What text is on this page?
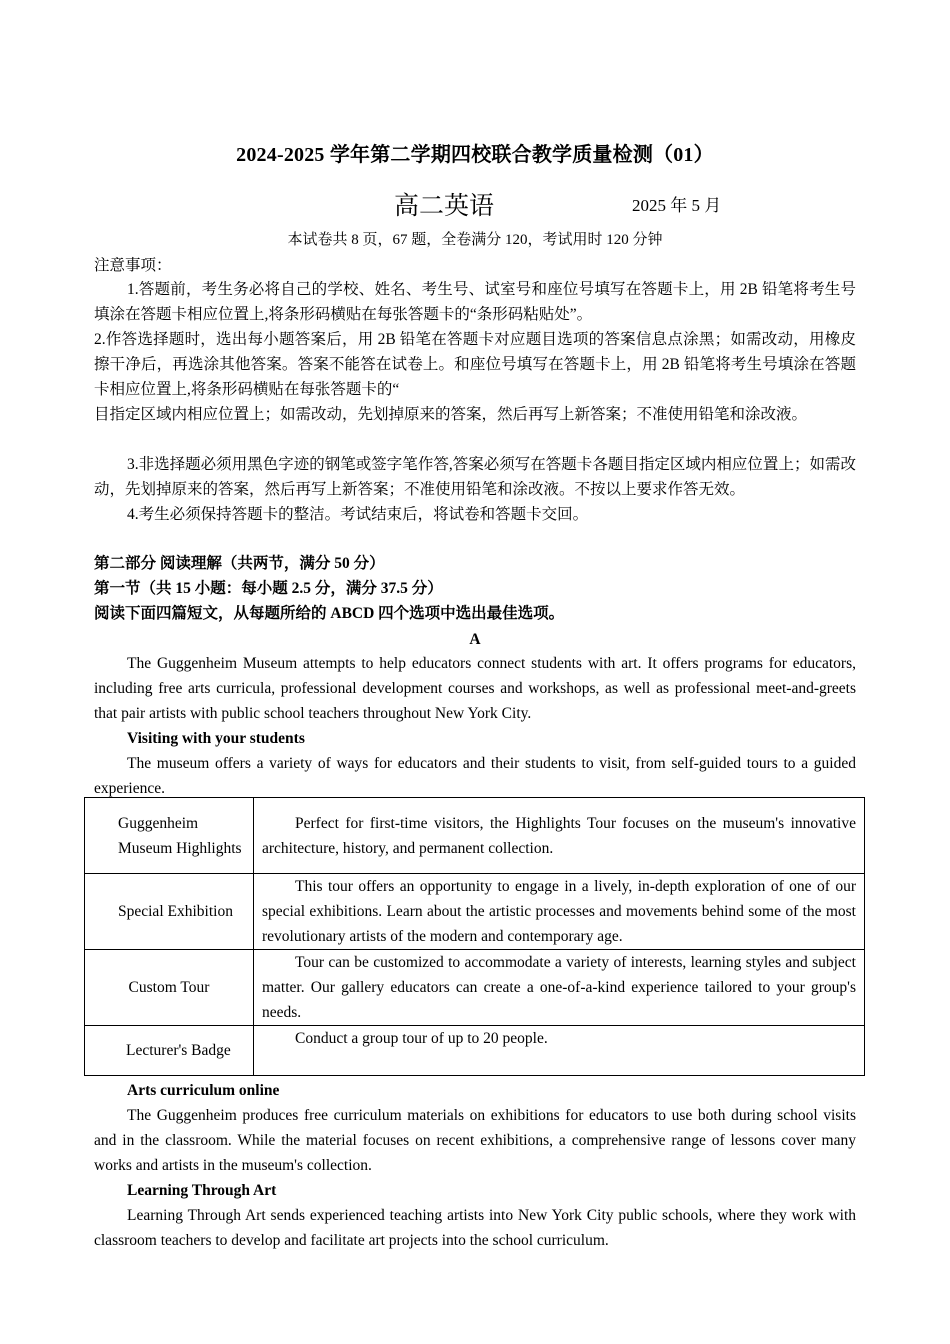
2024-2025 学年第二学期四校联合教学质量检测（01）
高二英语	2025 年 5 月
本试卷共 8 页，67 题，全卷满分 120，考试用时 120 分钟
注意事项：
1.答题前，考生务必将自己的学校、姓名、考生号、试室号和座位号填写在答题卡上，用 2B 铅笔将考生号填涂在答题卡相应位置上,将条形码横贴在每张答题卡的“条形码粘贴处”。
2.作答选择题时，选出每小题答案后，用 2B 铅笔在答题卡对应题目选项的答案信息点涂黑；如需改动，用橡皮擦干净后，再选涂其他答案。答案不能答在试卷上。和座位号填写在答题卡上，用 2B 铅笔将考生号填涂在答题卡相应位置上,将条形码横贴在每张答题卡的“
目指定区域内相应位置上；如需改动，先划掉原来的答案，然后再写上新答案；不准使用铅笔和涂改液。
3.非选择题必须用黑色字迹的钢笔或签字笔作答,答案必须写在答题卡各题目指定区域内相应位置上；如需改动，先划掉原来的答案，然后再写上新答案；不准使用铅笔和涂改液。不按以上要求作答无效。
4.考生必须保持答题卡的整洁。考试结束后，将试卷和答题卡交回。
第二部分 阅读理解（共两节，满分 50 分）
第一节（共 15 小题：每小题 2.5 分，满分 37.5 分）
阅读下面四篇短文，从每题所给的 ABCD 四个选项中选出最佳选项。
A
The Guggenheim Museum attempts to help educators connect students with art. It offers programs for educators, including free arts curricula, professional development courses and workshops, as well as professional meet-and-greets that pair artists with public school teachers throughout New York City.
Visiting with your students
The museum offers a variety of ways for educators and their students to visit, from self-guided tours to a guided experience.
Guggenheim Museum Highlights	Perfect for first-time visitors, the Highlights Tour focuses on the museum's innovative architecture, history, and permanent collection.

Special Exhibition	This tour offers an opportunity to engage in a lively, in-depth exploration of one of our special exhibitions. Learn about the artistic processes and movements behind some of the most revolutionary artists of the modern and contemporary age.

Custom Tour	Tour can be customized to accommodate a variety of interests, learning styles and subject matter. Our gallery educators can create a one-of-a-kind experience tailored to your group's needs.

Lecturer's Badge	Conduct a group tour of up to 20 people.
Arts curriculum online
The Guggenheim produces free curriculum materials on exhibitions for educators to use both during school visits and in the classroom. While the material focuses on recent exhibitions, a comprehensive range of lessons cover many works and artists in the museum's collection.
Learning Through Art
Learning Through Art sends experienced teaching artists into New York City public schools, where they work with classroom teachers to develop and facilitate art projects into the school curriculum.
